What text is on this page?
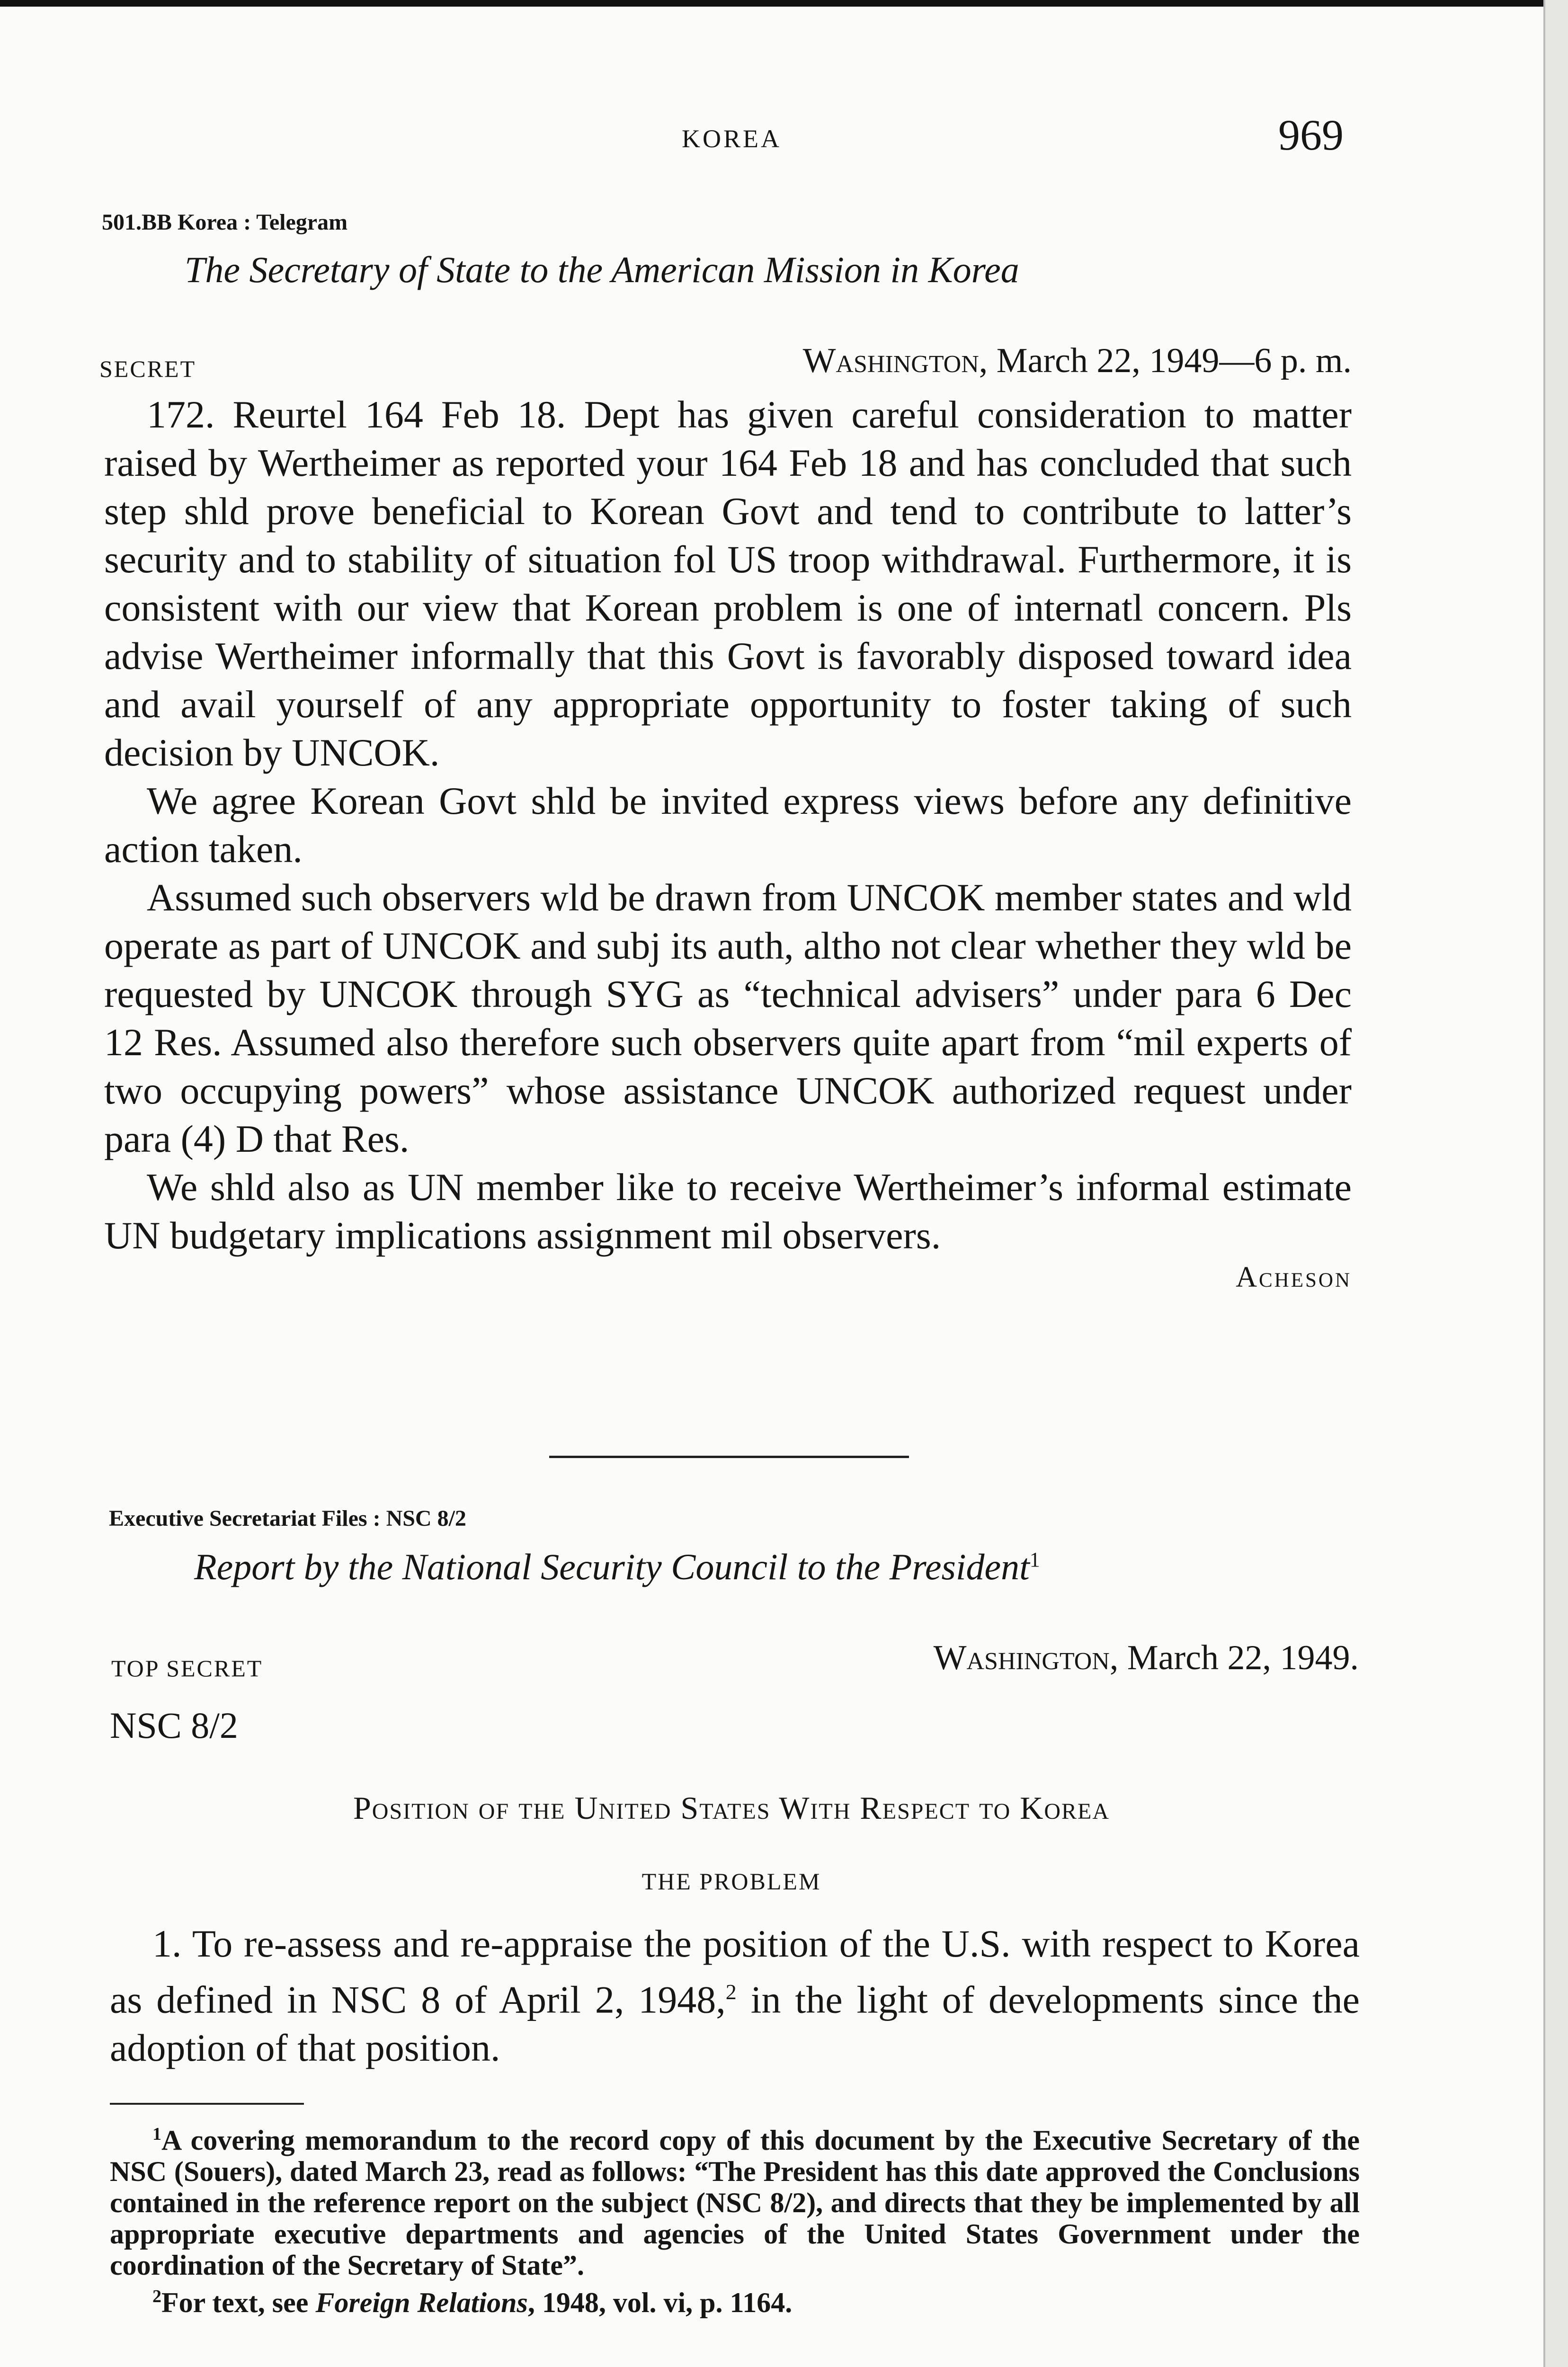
KOREA	969
501.BB Korea : Telegram
The Secretary of State to the American Mission in Korea
SECRET	Washington, March 22, 1949—6 p. m.

172. Reurtel 164 Feb 18. Dept has given careful consideration to matter raised by Wertheimer as reported your 164 Feb 18 and has concluded that such step shld prove beneficial to Korean Govt and tend to contribute to latter’s security and to stability of situation fol US troop withdrawal. Furthermore, it is consistent with our view that Korean problem is one of internatl concern. Pls advise Wertheimer informally that this Govt is favorably disposed toward idea and avail yourself of any appropriate opportunity to foster taking of such decision by UNCOK.

We agree Korean Govt shld be invited express views before any definitive action taken.

Assumed such observers wld be drawn from UNCOK member states and wld operate as part of UNCOK and subj its auth, altho not clear whether they wld be requested by UNCOK through SYG as “technical advisers” under para 6 Dec 12 Res. Assumed also therefore such observers quite apart from “mil experts of two occupying powers” whose assistance UNCOK authorized request under para (4) D that Res.

We shld also as UN member like to receive Wertheimer’s informal estimate UN budgetary implications assignment mil observers.

Acheson
Executive Secretariat Files : NSC 8/2
Report by the National Security Council to the President$^1$
TOP SECRET	Washington, March 22, 1949.
NSC 8/2
Position of the United States With Respect to Korea
THE PROBLEM

1. To re-assess and re-appraise the position of the U.S. with respect to Korea as defined in NSC 8 of April 2, 1948,$^2$ in the light of developments since the adoption of that position.

$^1$A covering memorandum to the record copy of this document by the Executive Secretary of the NSC (Souers), dated March 23, read as follows: “The President has this date approved the Conclusions contained in the reference report on the subject (NSC 8/2), and directs that they be implemented by all appropriate executive departments and agencies of the United States Government under the coordination of the Secretary of State”.

$^2$For text, see Foreign Relations, 1948, vol. vi, p. 1164.
